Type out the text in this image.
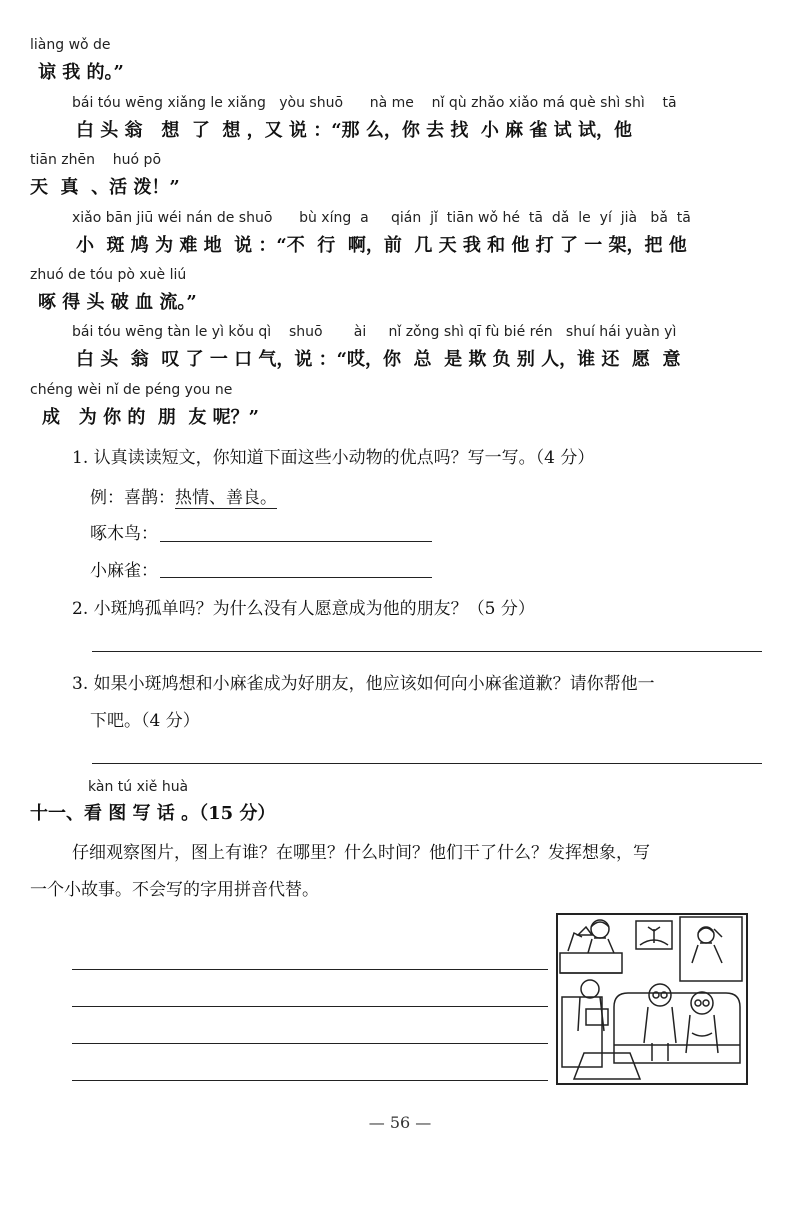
liàng wǒ de
谅 我 的。”
bái tóu wēng xiǎng le xiǎng   yòu shuō      nà me    nǐ qù zhǎo xiǎo má què shì shì    tā
白 头 翁   想  了  想 ，又 说 ：“那 么，你 去 找  小 麻 雀 试 试，他
tiān zhēn    huó pō
天  真  、活 泼！”
xiǎo bān jiū wéi nán de shuō      bù xíng  a     qián  jǐ  tiān wǒ hé  tā  dǎ  le  yí  jià   bǎ  tā
小  斑 鸠 为 难 地  说 ：“不  行  啊，前  几 天 我 和 他 打 了 一 架，把 他
zhuó de tóu pò xuè liú
啄 得 头 破 血 流。”
bái tóu wēng tàn le yì kǒu qì    shuō       ài     nǐ zǒng shì qī fù bié rén   shuí hái yuàn yì
白 头  翁  叹 了 一 口 气，说 ：“哎，你  总  是 欺 负 别 人，谁 还  愿  意
chéng wèi nǐ de péng you ne
成   为 你 的  朋  友 呢？”
1. 认真读读短文，你知道下面这些小动物的优点吗？写一写。（4 分）
例：喜鹊：热情、善良。
啄木鸟：
小麻雀：
2. 小斑鸠孤单吗？为什么没有人愿意成为他的朋友？（5 分）
3. 如果小斑鸠想和小麻雀成为好朋友，他应该如何向小麻雀道歉？请你帮他一
下吧。（4 分）
kàn tú xiě huà
十一、看 图 写 话 。（15 分）
仔细观察图片，图上有谁？在哪里？什么时间？他们干了什么？发挥想象，写
一个小故事。不会写的字用拼音代替。
— 56 —
